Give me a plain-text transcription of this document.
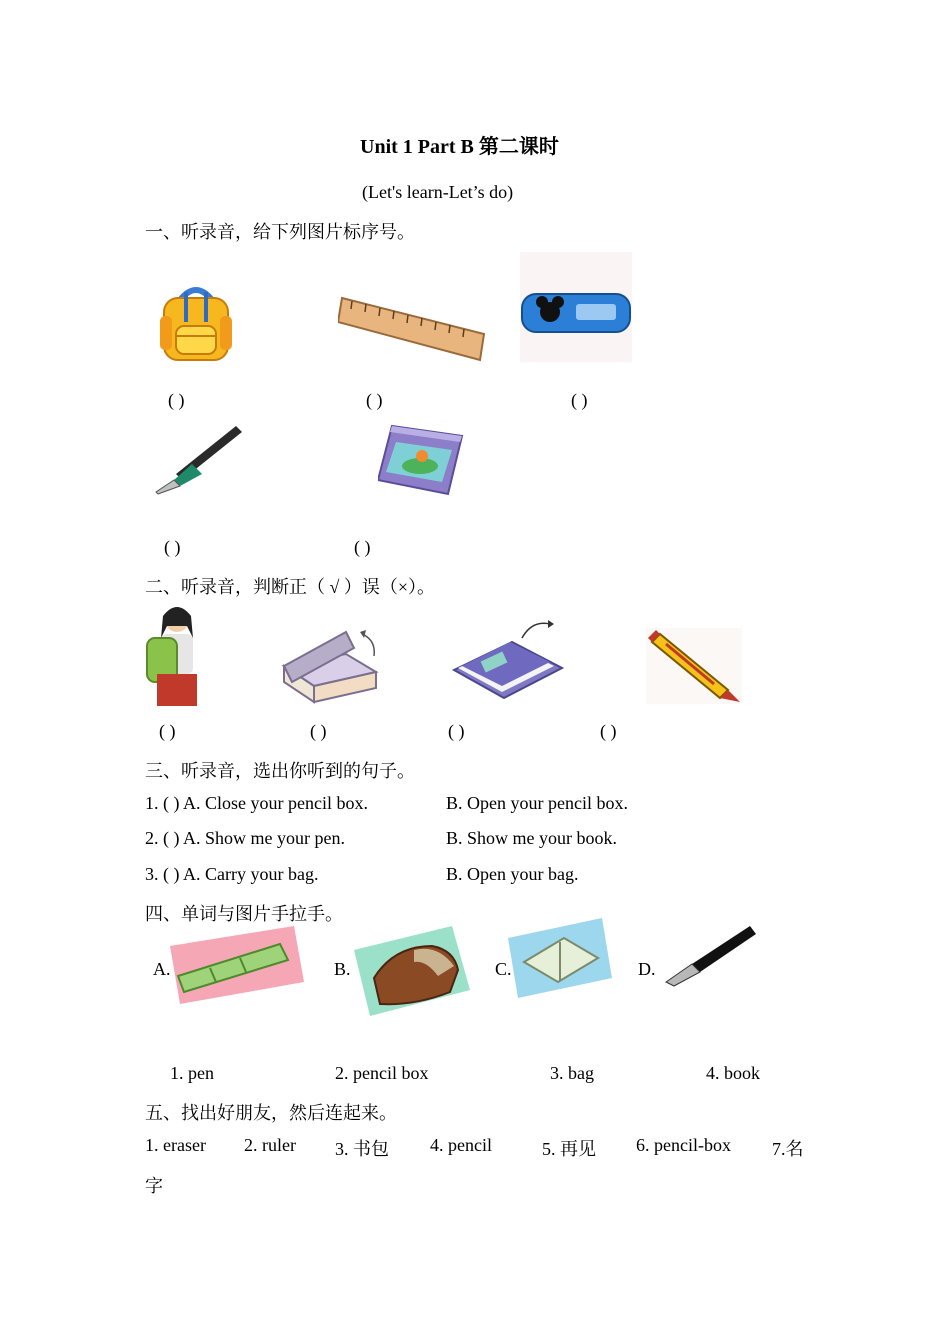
Unit 1 Part B 第二课时
(Let's learn-Let’s do)
一、听录音，给下列图片标序号。
( )	( )	( )
( )	( )
二、听录音，判断正（ √ ）误（×）。
( )	( )	( )	( )
三、听录音，选出你听到的句子。
1. ( ) A. Close your pencil box.	B. Open your pencil box.
2. ( ) A. Show me your pen.	B. Show me your book.
3. ( ) A. Carry your bag.	B. Open your bag.
四、单词与图片手拉手。
A.	B.	C.	D.
1. pen	2. pencil box	3. bag	4. book
五、找出好朋友，然后连起来。
1. eraser 2. ruler 3. 书包 4. pencil	5. 再见 6. pencil-box 7.名
字
